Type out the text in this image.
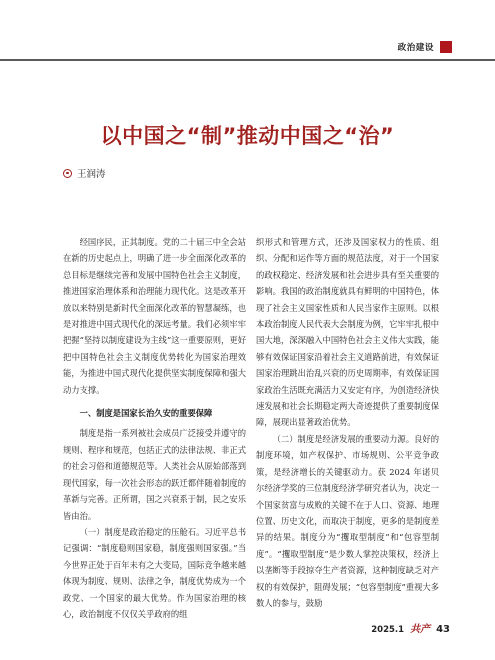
政治建设
以中国之“制”推动中国之“治”
王润涛

经国序民，正其制度。党的二十届三中全会站在新的历史起点上，明确了进一步全面深化改革的总目标是继续完善和发展中国特色社会主义制度，推进国家治理体系和治理能力现代化。这是改革开放以来特别是新时代全面深化改革的智慧凝练，也是对推进中国式现代化的深远考量。我们必须牢牢把握“坚持以制度建设为主线”这一重要原则，更好把中国特色社会主义制度优势转化为国家治理效能，为推进中国式现代化提供坚实制度保障和强大动力支撑。

一、制度是国家长治久安的重要保障

制度是指一系列被社会成员广泛接受并遵守的规则、程序和规范，包括正式的法律法规、非正式的社会习俗和道德规范等。人类社会从原始部落到现代国家，每一次社会形态的跃迁都伴随着制度的革新与完善。正所谓，国之兴衰系于制，民之安乐皆由治。

（一）制度是政治稳定的压舱石。习近平总书记强调：“制度稳则国家稳，制度强则国家强。”当今世界正处于百年未有之大变局，国际竞争越来越体现为制度、规则、法律之争，制度优势成为一个政党、一个国家的最大优势。作为国家治理的核心，政治制度不仅仅关乎政府的组

织形式和管理方式，还涉及国家权力的性质、组织、分配和运作等方面的规范法度，对于一个国家的政权稳定、经济发展和社会进步具有至关重要的影响。我国的政治制度就具有鲜明的中国特色，体现了社会主义国家性质和人民当家作主原则。以根本政治制度人民代表大会制度为例，它牢牢扎根中国大地，深深融入中国特色社会主义伟大实践，能够有效保证国家沿着社会主义道路前进，有效保证国家治理跳出治乱兴衰的历史周期率，有效保证国家政治生活既充满活力又安定有序，为创造经济快速发展和社会长期稳定两大奇迹提供了重要制度保障，展现出显著政治优势。

（二）制度是经济发展的重要动力源。良好的制度环境，如产权保护、市场规则、公平竞争政策，是经济增长的关键驱动力。获 2024 年诺贝尔经济学奖的三位制度经济学研究者认为，决定一个国家贫富与成败的关键不在于人口、资源、地理位置、历史文化，而取决于制度，更多的是制度差异的结果。制度分为“攫取型制度”和“包容型制度”。“攫取型制度”是少数人掌控决策权，经济上以垄断等手段掠夺生产者资源，这种制度缺乏对产权的有效保护，阻碍发展；“包容型制度”重视大多数人的参与，鼓励

2025.1 共产 43
